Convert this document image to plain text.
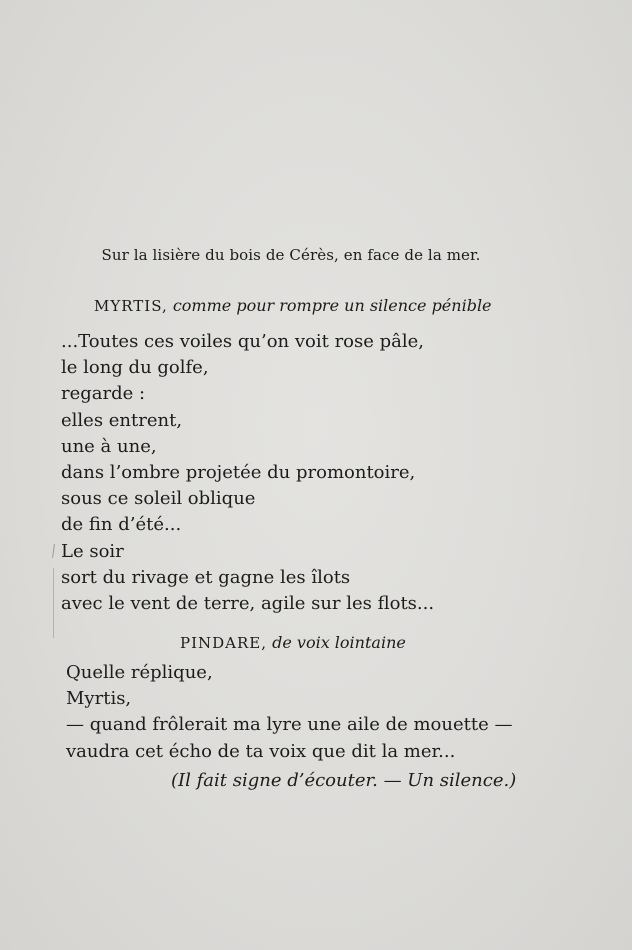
Sur la lisière du bois de Cérès, en face de la mer.
MYRTIS, comme pour rompre un silence pénible
...Toutes ces voiles qu’on voit rose pâle,
le long du golfe,
regarde :
elles entrent,
une à une,
dans l’ombre projetée du promontoire,
sous ce soleil oblique
de fin d’été...
Le soir
sort du rivage et gagne les îlots
avec le vent de terre, agile sur les flots...
PINDARE, de voix lointaine
Quelle réplique,
Myrtis,
— quand frôlerait ma lyre une aile de mouette —
vaudra cet écho de ta voix que dit la mer...
(Il fait signe d’écouter. — Un silence.)
